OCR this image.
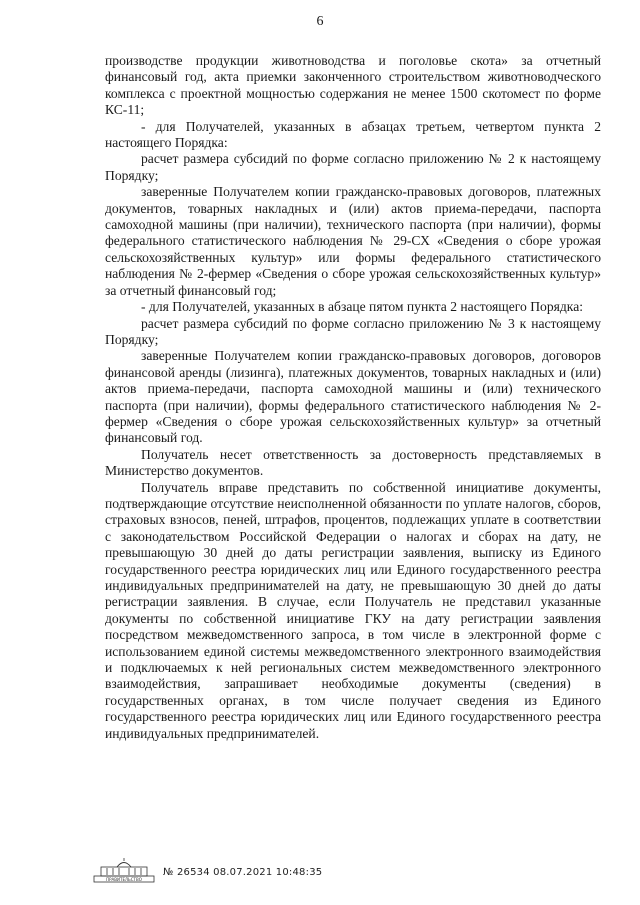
6

производстве продукции животноводства и поголовье скота» за отчетный финансовый год, акта приемки законченного строительством животноводческого комплекса с проектной мощностью содержания не менее 1500 скотомест по форме КС-11;

- для Получателей, указанных в абзацах третьем, четвертом пункта 2 настоящего Порядка:

расчет размера субсидий по форме согласно приложению № 2 к настоящему Порядку;

заверенные Получателем копии гражданско-правовых договоров, платежных документов, товарных накладных и (или) актов приема-передачи, паспорта самоходной машины (при наличии), технического паспорта (при наличии), формы федерального статистического наблюдения № 29-СХ «Сведения о сборе урожая сельскохозяйственных культур» или формы федерального статистического наблюдения № 2-фермер «Сведения о сборе урожая сельскохозяйственных культур» за отчетный финансовый год;

- для Получателей, указанных в абзаце пятом пункта 2 настоящего Порядка:

расчет размера субсидий по форме согласно приложению № 3 к настоящему Порядку;

заверенные Получателем копии гражданско-правовых договоров, договоров финансовой аренды (лизинга), платежных документов, товарных накладных и (или) актов приема-передачи, паспорта самоходной машины и (или) технического паспорта (при наличии), формы федерального статистического наблюдения № 2-фермер «Сведения о сборе урожая сельскохозяйственных культур» за отчетный финансовый год.

Получатель несет ответственность за достоверность представляемых в Министерство документов.

Получатель вправе представить по собственной инициативе документы, подтверждающие отсутствие неисполненной обязанности по уплате налогов, сборов, страховых взносов, пеней, штрафов, процентов, подлежащих уплате в соответствии с законодательством Российской Федерации о налогах и сборах на дату, не превышающую 30 дней до даты регистрации заявления, выписку из Единого государственного реестра юридических лиц или Единого государственного реестра индивидуальных предпринимателей на дату, не превышающую 30 дней до даты регистрации заявления. В случае, если Получатель не представил указанные документы по собственной инициативе ГКУ на дату регистрации заявления посредством межведомственного запроса, в том числе в электронной форме с использованием единой системы межведомственного электронного взаимодействия и подключаемых к ней региональных систем межведомственного электронного взаимодействия, запрашивает необходимые документы (сведения) в государственных органах, в том числе получает сведения из Единого государственного реестра юридических лиц или Единого государственного реестра индивидуальных предпринимателей.

ПРАВИТЕЛЬСТВО
№ 26534 08.07.2021 10:48:35
